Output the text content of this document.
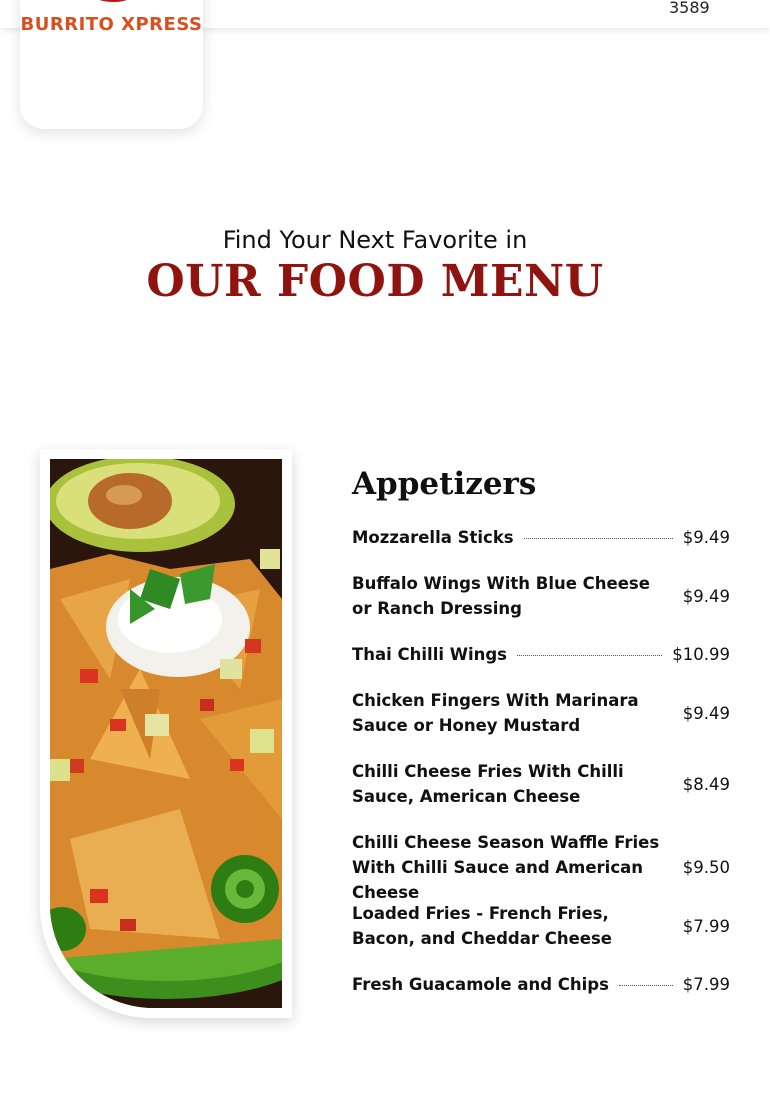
3589
BURRITO XPRESS
Find Your Next Favorite in
OUR FOOD MENU
Appetizers
Mozzarella Sticks	$9.49
Buffalo Wings With Blue Cheese or Ranch Dressing
$9.49
Thai Chilli Wings	$10.99
Chicken Fingers With Marinara Sauce or Honey Mustard
$9.49
Chilli Cheese Fries With Chilli Sauce, American Cheese
$8.49
Chilli Cheese Season Waffle Fries With Chilli Sauce and American Cheese
$9.50
Loaded Fries - French Fries, Bacon, and Cheddar Cheese
$7.99
Fresh Guacamole and Chips	$7.99
